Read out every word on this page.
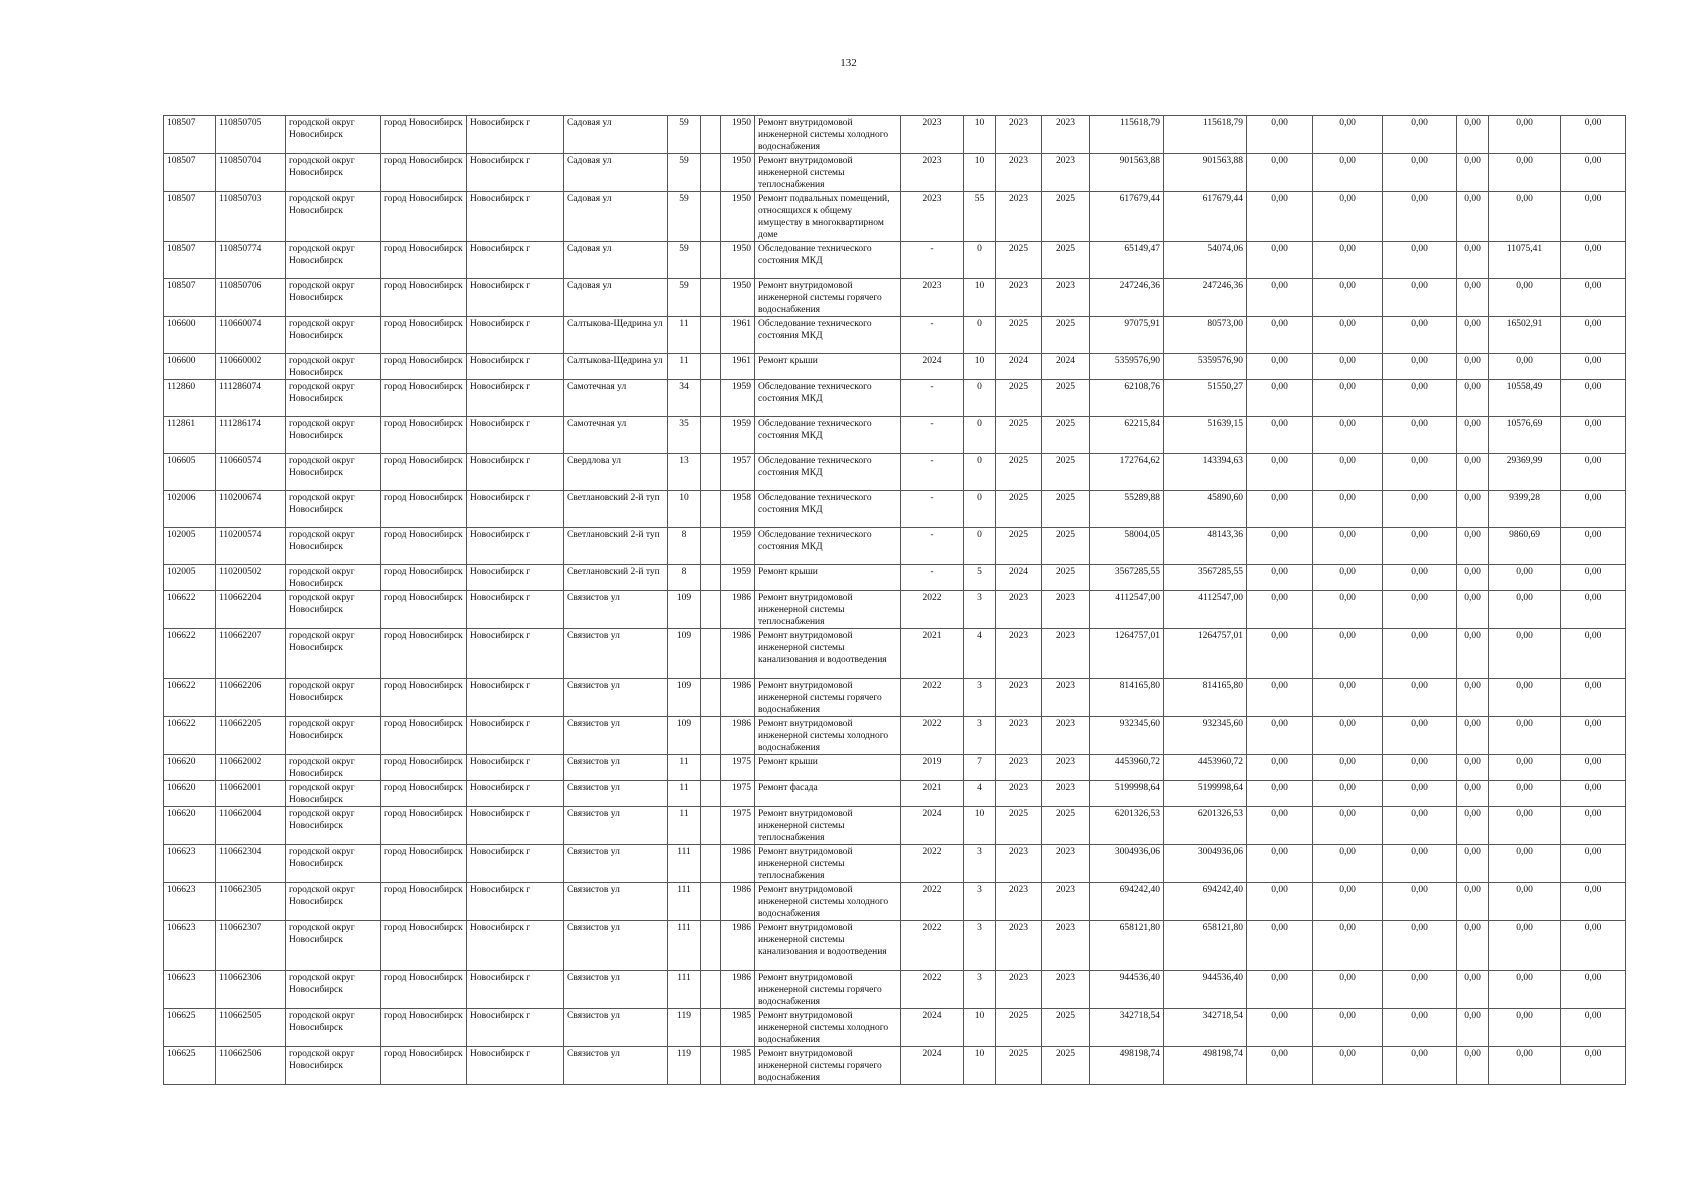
132
108507	110850705	городской округ Новосибирск	город Новосибирск	Новосибирск г	Садовая ул	59		1950	Ремонт внутридомовой инженерной системы холодного водоснабжения	2023	10	2023	2023	115618,79	115618,79	0,00	0,00	0,00	0,00	0,00	0,00
108507	110850704	городской округ Новосибирск	город Новосибирск	Новосибирск г	Садовая ул	59		1950	Ремонт внутридомовой инженерной системы теплоснабжения	2023	10	2023	2023	901563,88	901563,88	0,00	0,00	0,00	0,00	0,00	0,00
108507	110850703	городской округ Новосибирск	город Новосибирск	Новосибирск г	Садовая ул	59		1950	Ремонт подвальных помещений, относящихся к общему имуществу в многоквартирном доме	2023	55	2023	2025	617679,44	617679,44	0,00	0,00	0,00	0,00	0,00	0,00
108507	110850774	городской округ Новосибирск	город Новосибирск	Новосибирск г	Садовая ул	59		1950	Обследование технического состояния МКД	-	0	2025	2025	65149,47	54074,06	0,00	0,00	0,00	0,00	11075,41	0,00
108507	110850706	городской округ Новосибирск	город Новосибирск	Новосибирск г	Садовая ул	59		1950	Ремонт внутридомовой инженерной системы горячего водоснабжения	2023	10	2023	2023	247246,36	247246,36	0,00	0,00	0,00	0,00	0,00	0,00
106600	110660074	городской округ Новосибирск	город Новосибирск	Новосибирск г	Салтыкова-Щедрина ул	11		1961	Обследование технического состояния МКД	-	0	2025	2025	97075,91	80573,00	0,00	0,00	0,00	0,00	16502,91	0,00
106600	110660002	городской округ Новосибирск	город Новосибирск	Новосибирск г	Салтыкова-Щедрина ул	11		1961	Ремонт крыши	2024	10	2024	2024	5359576,90	5359576,90	0,00	0,00	0,00	0,00	0,00	0,00
112860	111286074	городской округ Новосибирск	город Новосибирск	Новосибирск г	Самотечная ул	34		1959	Обследование технического состояния МКД	-	0	2025	2025	62108,76	51550,27	0,00	0,00	0,00	0,00	10558,49	0,00
112861	111286174	городской округ Новосибирск	город Новосибирск	Новосибирск г	Самотечная ул	35		1959	Обследование технического состояния МКД	-	0	2025	2025	62215,84	51639,15	0,00	0,00	0,00	0,00	10576,69	0,00
106605	110660574	городской округ Новосибирск	город Новосибирск	Новосибирск г	Свердлова ул	13		1957	Обследование технического состояния МКД	-	0	2025	2025	172764,62	143394,63	0,00	0,00	0,00	0,00	29369,99	0,00
102006	110200674	городской округ Новосибирск	город Новосибирск	Новосибирск г	Светлановский 2-й туп	10		1958	Обследование технического состояния МКД	-	0	2025	2025	55289,88	45890,60	0,00	0,00	0,00	0,00	9399,28	0,00
102005	110200574	городской округ Новосибирск	город Новосибирск	Новосибирск г	Светлановский 2-й туп	8		1959	Обследование технического состояния МКД	-	0	2025	2025	58004,05	48143,36	0,00	0,00	0,00	0,00	9860,69	0,00
102005	110200502	городской округ Новосибирск	город Новосибирск	Новосибирск г	Светлановский 2-й туп	8		1959	Ремонт крыши	-	5	2024	2025	3567285,55	3567285,55	0,00	0,00	0,00	0,00	0,00	0,00
106622	110662204	городской округ Новосибирск	город Новосибирск	Новосибирск г	Связистов ул	109		1986	Ремонт внутридомовой инженерной системы теплоснабжения	2022	3	2023	2023	4112547,00	4112547,00	0,00	0,00	0,00	0,00	0,00	0,00
106622	110662207	городской округ Новосибирск	город Новосибирск	Новосибирск г	Связистов ул	109		1986	Ремонт внутридомовой инженерной системы канализования и водоотведения	2021	4	2023	2023	1264757,01	1264757,01	0,00	0,00	0,00	0,00	0,00	0,00
106622	110662206	городской округ Новосибирск	город Новосибирск	Новосибирск г	Связистов ул	109		1986	Ремонт внутридомовой инженерной системы горячего водоснабжения	2022	3	2023	2023	814165,80	814165,80	0,00	0,00	0,00	0,00	0,00	0,00
106622	110662205	городской округ Новосибирск	город Новосибирск	Новосибирск г	Связистов ул	109		1986	Ремонт внутридомовой инженерной системы холодного водоснабжения	2022	3	2023	2023	932345,60	932345,60	0,00	0,00	0,00	0,00	0,00	0,00
106620	110662002	городской округ Новосибирск	город Новосибирск	Новосибирск г	Связистов ул	11		1975	Ремонт крыши	2019	7	2023	2023	4453960,72	4453960,72	0,00	0,00	0,00	0,00	0,00	0,00
106620	110662001	городской округ Новосибирск	город Новосибирск	Новосибирск г	Связистов ул	11		1975	Ремонт фасада	2021	4	2023	2023	5199998,64	5199998,64	0,00	0,00	0,00	0,00	0,00	0,00
106620	110662004	городской округ Новосибирск	город Новосибирск	Новосибирск г	Связистов ул	11		1975	Ремонт внутридомовой инженерной системы теплоснабжения	2024	10	2025	2025	6201326,53	6201326,53	0,00	0,00	0,00	0,00	0,00	0,00
106623	110662304	городской округ Новосибирск	город Новосибирск	Новосибирск г	Связистов ул	111		1986	Ремонт внутридомовой инженерной системы теплоснабжения	2022	3	2023	2023	3004936,06	3004936,06	0,00	0,00	0,00	0,00	0,00	0,00
106623	110662305	городской округ Новосибирск	город Новосибирск	Новосибирск г	Связистов ул	111		1986	Ремонт внутридомовой инженерной системы холодного водоснабжения	2022	3	2023	2023	694242,40	694242,40	0,00	0,00	0,00	0,00	0,00	0,00
106623	110662307	городской округ Новосибирск	город Новосибирск	Новосибирск г	Связистов ул	111		1986	Ремонт внутридомовой инженерной системы канализования и водоотведения	2022	3	2023	2023	658121,80	658121,80	0,00	0,00	0,00	0,00	0,00	0,00
106623	110662306	городской округ Новосибирск	город Новосибирск	Новосибирск г	Связистов ул	111		1986	Ремонт внутридомовой инженерной системы горячего водоснабжения	2022	3	2023	2023	944536,40	944536,40	0,00	0,00	0,00	0,00	0,00	0,00
106625	110662505	городской округ Новосибирск	город Новосибирск	Новосибирск г	Связистов ул	119		1985	Ремонт внутридомовой инженерной системы холодного водоснабжения	2024	10	2025	2025	342718,54	342718,54	0,00	0,00	0,00	0,00	0,00	0,00
106625	110662506	городской округ Новосибирск	город Новосибирск	Новосибирск г	Связистов ул	119		1985	Ремонт внутридомовой инженерной системы горячего водоснабжения	2024	10	2025	2025	498198,74	498198,74	0,00	0,00	0,00	0,00	0,00	0,00
